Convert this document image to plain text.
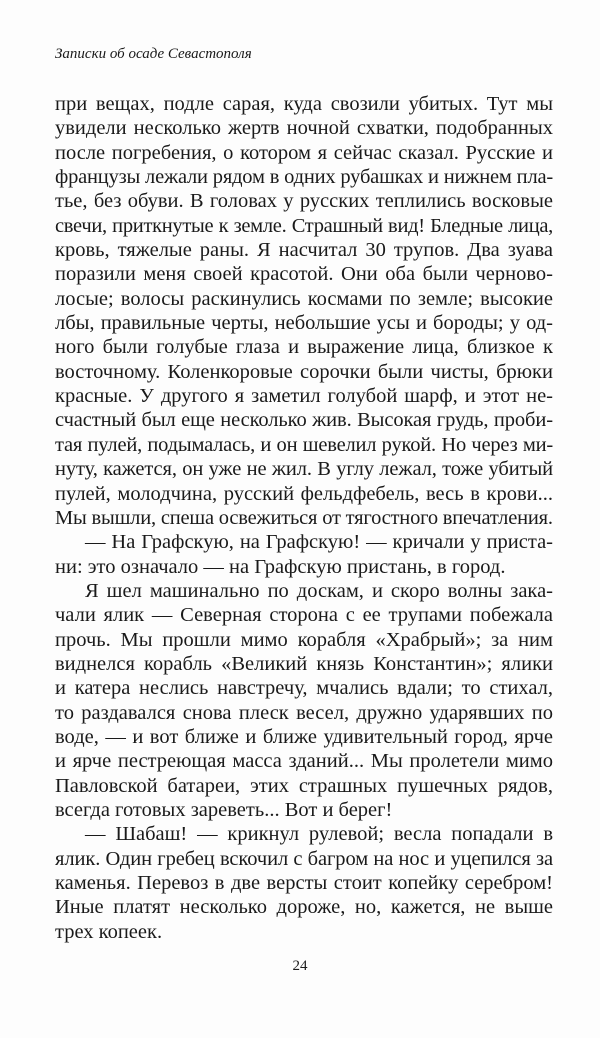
Записки об осаде Севастополя
при вещах, подле сарая, куда свозили убитых. Тут мы
увидели несколько жертв ночной схватки, подобранных
после погребения, о котором я сейчас сказал. Русские и
французы лежали рядом в одних рубашках и нижнем пла-
тье, без обуви. В головах у русских теплились восковые
свечи, приткнутые к земле. Страшный вид! Бледные лица,
кровь, тяжелые раны. Я насчитал 30 трупов. Два зуава
поразили меня своей красотой. Они оба были черново-
лосые; волосы раскинулись космами по земле; высокие
лбы, правильные черты, небольшие усы и бороды; у од-
ного были голубые глаза и выражение лица, близкое к
восточному. Коленкоровые сорочки были чисты, брюки
красные. У другого я заметил голубой шарф, и этот не-
счастный был еще несколько жив. Высокая грудь, проби-
тая пулей, подымалась, и он шевелил рукой. Но через ми-
нуту, кажется, он уже не жил. В углу лежал, тоже убитый
пулей, молодчина, русский фельдфебель, весь в крови...
Мы вышли, спеша освежиться от тягостного впечатления.
— На Графскую, на Графскую! — кричали у приста-
ни: это означало — на Графскую пристань, в город.
Я шел машинально по доскам, и скоро волны зака-
чали ялик — Северная сторона с ее трупами побежала
прочь. Мы прошли мимо корабля «Храбрый»; за ним
виднелся корабль «Великий князь Константин»; ялики
и катера неслись навстречу, мчались вдали; то стихал,
то раздавался снова плеск весел, дружно ударявших по
воде, — и вот ближе и ближе удивительный город, ярче
и ярче пестреющая масса зданий... Мы пролетели мимо
Павловской батареи, этих страшных пушечных рядов,
всегда готовых зареветь... Вот и берег!
— Шабаш! — крикнул рулевой; весла попадали в
ялик. Один гребец вскочил с багром на нос и уцепился за
каменья. Перевоз в две версты стоит копейку серебром!
Иные платят несколько дороже, но, кажется, не выше
трех копеек.
24
